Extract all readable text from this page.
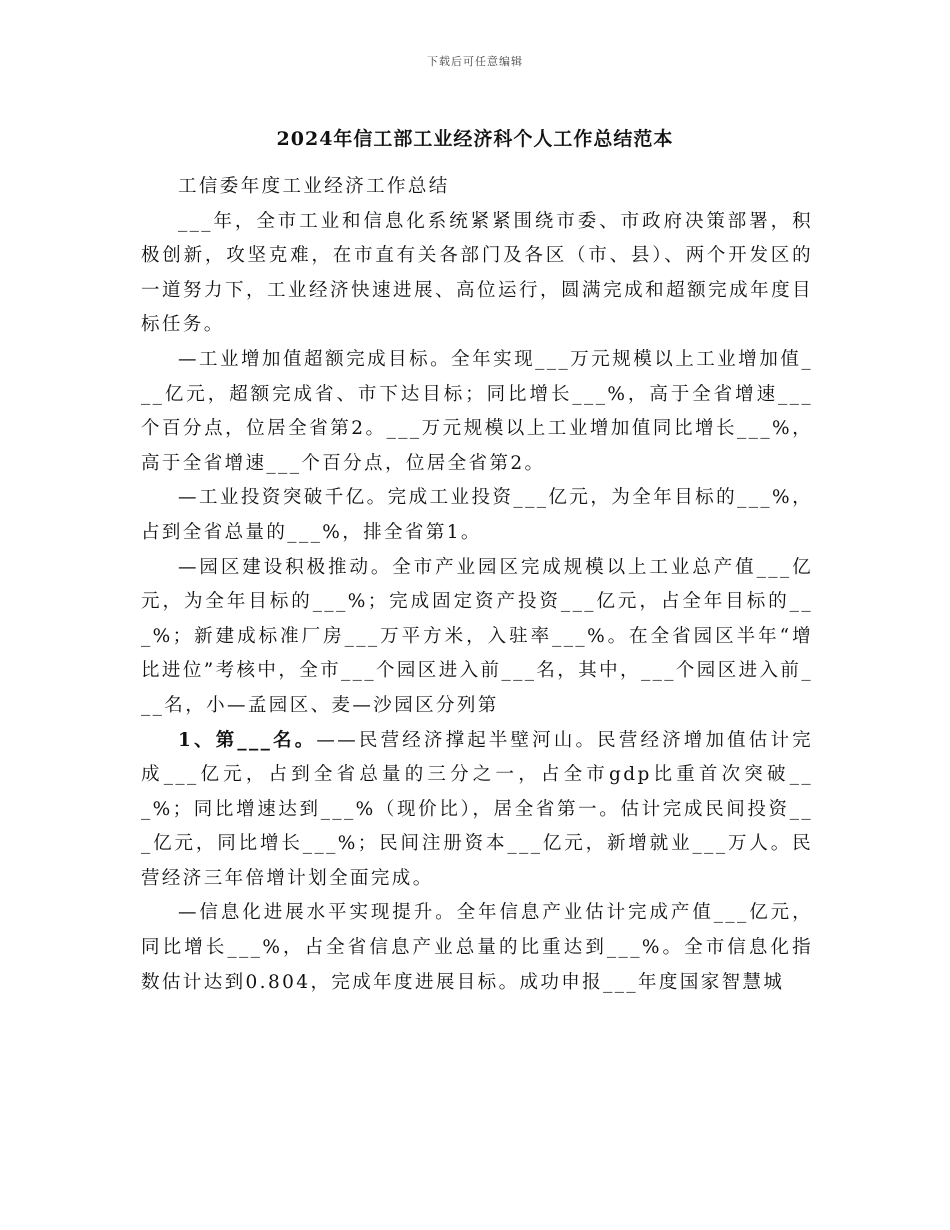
下载后可任意编辑
2024年信工部工业经济科个人工作总结范本

工信委年度工业经济工作总结

___年，全市工业和信息化系统紧紧围绕市委、市政府决策部署，积极创新，攻坚克难，在市直有关各部门及各区（市、县）、两个开发区的一道努力下，工业经济快速进展、高位运行，圆满完成和超额完成年度目标任务。

—工业增加值超额完成目标。全年实现___万元规模以上工业增加值___亿元，超额完成省、市下达目标；同比增长___%，高于全省增速___个百分点，位居全省第2。___万元规模以上工业增加值同比增长___%，高于全省增速___个百分点，位居全省第2。

—工业投资突破千亿。完成工业投资___亿元，为全年目标的___%，占到全省总量的___%，排全省第1。

—园区建设积极推动。全市产业园区完成规模以上工业总产值___亿元，为全年目标的___%；完成固定资产投资___亿元，占全年目标的___%；新建成标准厂房___万平方米，入驻率___%。在全省园区半年“增比进位”考核中，全市___个园区进入前___名，其中，___个园区进入前___名，小—孟园区、麦—沙园区分列第

1、第___名。——民营经济撑起半壁河山。民营经济增加值估计完成___亿元，占到全省总量的三分之一，占全市gdp比重首次突破___%；同比增速达到___%（现价比），居全省第一。估计完成民间投资___亿元，同比增长___%；民间注册资本___亿元，新增就业___万人。民营经济三年倍增计划全面完成。

—信息化进展水平实现提升。全年信息产业估计完成产值___亿元，同比增长___%，占全省信息产业总量的比重达到___%。全市信息化指数估计达到0.804，完成年度进展目标。成功申报___年度国家智慧城
